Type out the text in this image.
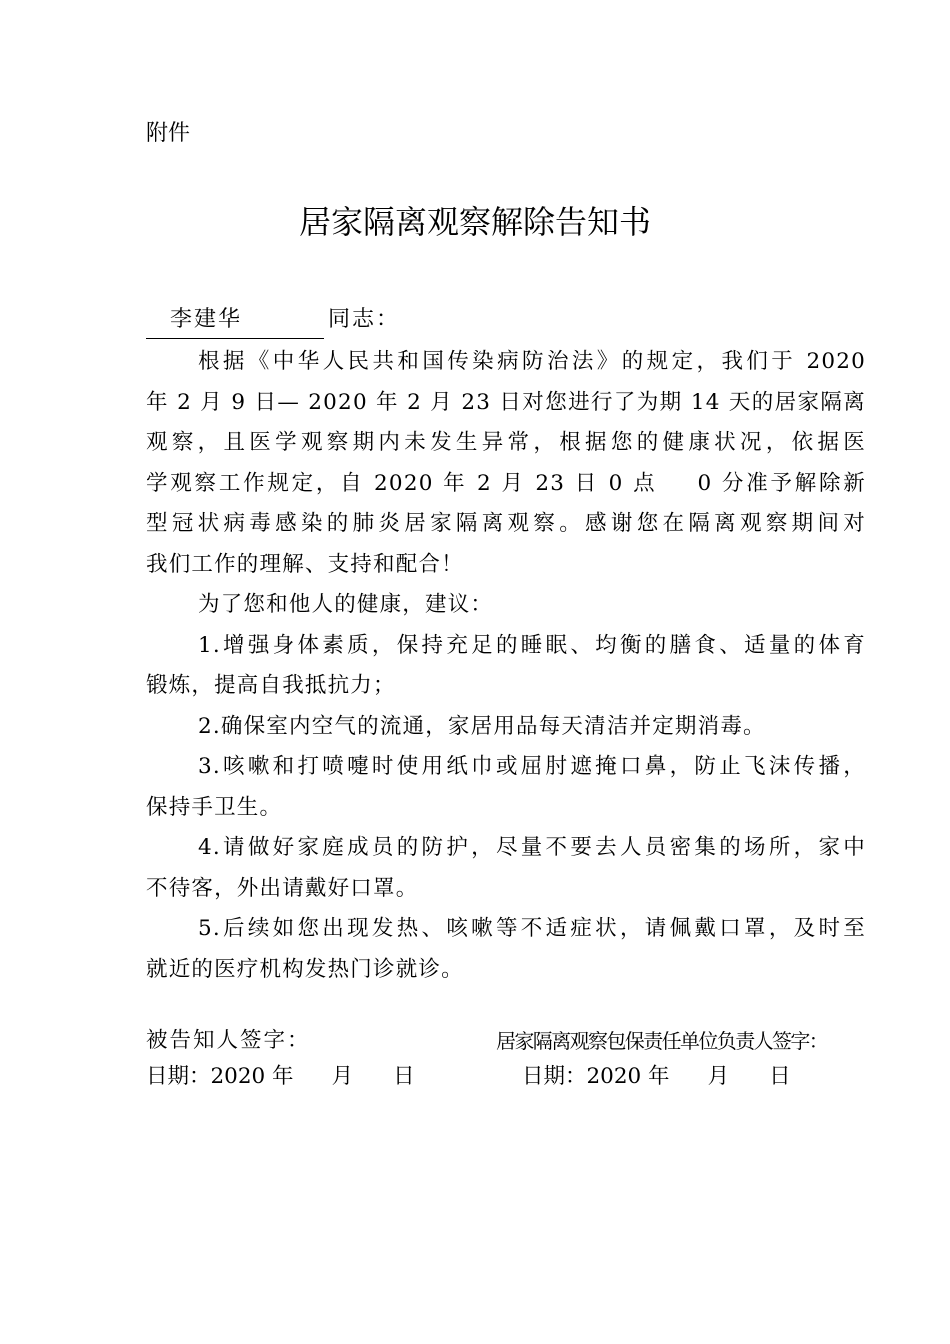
附件
居家隔离观察解除告知书
李建华	同志：
根据《中华人民共和国传染病防治法》的规定，我们于 2020
年 2 月 9 日— 2020 年 2 月 23 日对您进行了为期 14 天的居家隔离
观察，且医学观察期内未发生异常，根据您的健康状况，依据医
学观察工作规定，自 2020 年 2 月 23 日 0 点 0 分准予解除新
型冠状病毒感染的肺炎居家隔离观察。感谢您在隔离观察期间对
我们工作的理解、支持和配合！
为了您和他人的健康，建议：
1.增强身体素质，保持充足的睡眠、均衡的膳食、适量的体育
锻炼，提高自我抵抗力；
2.确保室内空气的流通，家居用品每天清洁并定期消毒。
3.咳嗽和打喷嚏时使用纸巾或屈肘遮掩口鼻，防止飞沫传播，
保持手卫生。
4.请做好家庭成员的防护，尽量不要去人员密集的场所，家中
不待客，外出请戴好口罩。
5.后续如您出现发热、咳嗽等不适症状，请佩戴口罩，及时至
就近的医疗机构发热门诊就诊。
被告知人签字：	居家隔离观察包保责任单位负责人签字：
日期：2020 年 月 日	日期：2020 年 月 日
